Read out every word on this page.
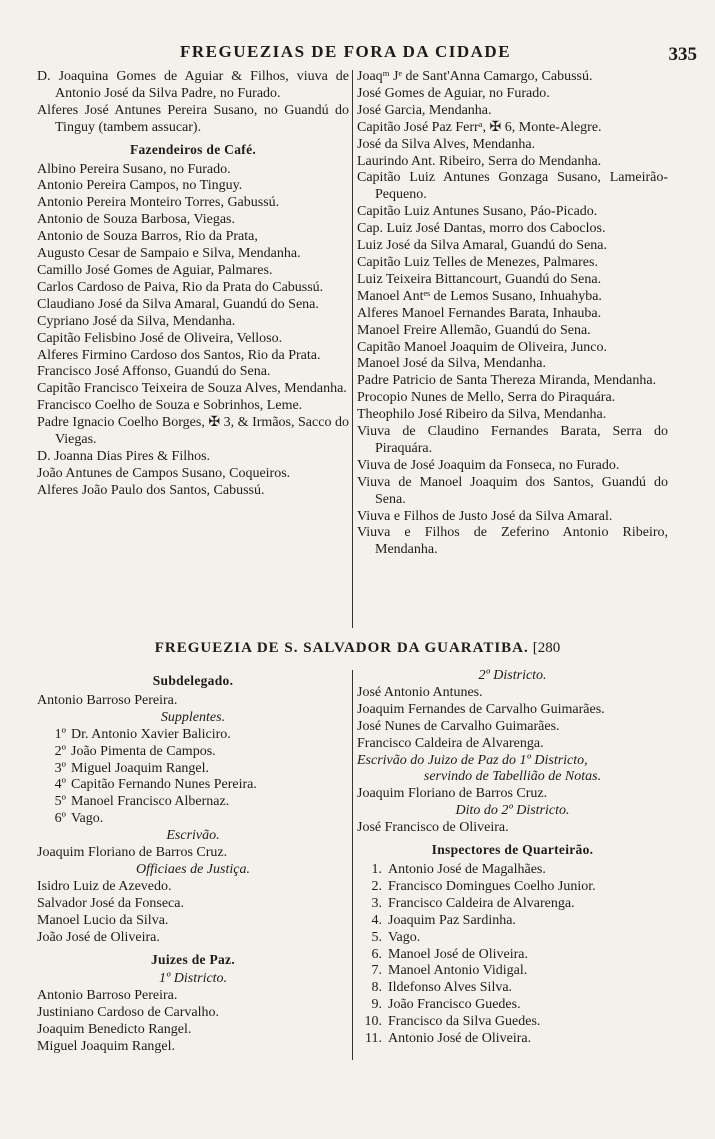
FREGUEZIAS DE FORA DA CIDADE	335
D. Joaquina Gomes de Aguiar & Filhos, viuva de Antonio José da Silva Padre, no Furado.
Alferes José Antunes Pereira Susano, no Guandú do Tinguy (tambem assucar).
Fazendeiros de Café.
Albino Pereira Susano, no Furado.
Antonio Pereira Campos, no Tinguy.
Antonio Pereira Monteiro Torres, Gabussú.
Antonio de Souza Barbosa, Viegas.
Antonio de Souza Barros, Rio da Prata,
Augusto Cesar de Sampaio e Silva, Mendanha.
Camillo José Gomes de Aguiar, Palmares.
Carlos Cardoso de Paiva, Rio da Prata do Cabussú.
Claudiano José da Silva Amaral, Guandú do Sena.
Cypriano José da Silva, Mendanha.
Capitão Felisbino José de Oliveira, Velloso.
Alferes Firmino Cardoso dos Santos, Rio da Prata.
Francisco José Affonso, Guandú do Sena.
Capitão Francisco Teixeira de Souza Alves, Mendanha.
Francisco Coelho de Souza e Sobrinhos, Leme.
Padre Ignacio Coelho Borges, ✠ 3, & Irmãos, Sacco do Viegas.
D. Joanna Dias Pires & Filhos.
João Antunes de Campos Susano, Coqueiros.
Alferes João Paulo dos Santos, Cabussú.
Joaqᵐ Jᵉ de Sant'Anna Camargo, Cabussú.
José Gomes de Aguiar, no Furado.
José Garcia, Mendanha.
Capitão José Paz Ferrᵃ, ✠ 6, Monte-Alegre.
José da Silva Alves, Mendanha.
Laurindo Ant. Ribeiro, Serra do Mendanha.
Capitão Luiz Antunes Gonzaga Susano, Lameirão-Pequeno.
Capitão Luiz Antunes Susano, Páo-Picado.
Cap. Luiz José Dantas, morro dos Caboclos.
Luiz José da Silva Amaral, Guandú do Sena.
Capitão Luiz Telles de Menezes, Palmares.
Luiz Teixeira Bittancourt, Guandú do Sena.
Manoel Antᵉˢ de Lemos Susano, Inhuahyba.
Alferes Manoel Fernandes Barata, Inhauba.
Manoel Freire Allemão, Guandú do Sena.
Capitão Manoel Joaquim de Oliveira, Junco.
Manoel José da Silva, Mendanha.
Padre Patricio de Santa Thereza Miranda, Mendanha.
Procopio Nunes de Mello, Serra do Piraquára.
Theophilo José Ribeiro da Silva, Mendanha.
Viuva de Claudino Fernandes Barata, Serra do Piraquára.
Viuva de José Joaquim da Fonseca, no Furado.
Viuva de Manoel Joaquim dos Santos, Guandú do Sena.
Viuva e Filhos de Justo José da Silva Amaral.
Viuva e Filhos de Zeferino Antonio Ribeiro, Mendanha.
FREGUEZIA DE S. SALVADOR DA GUARATIBA. [280
Subdelegado.
Antonio Barroso Pereira.
Supplentes.
1º Dr. Antonio Xavier Baliciro.
2º João Pimenta de Campos.
3º Miguel Joaquim Rangel.
4º Capitão Fernando Nunes Pereira.
5º Manoel Francisco Albernaz.
6º Vago.
Escrivão.
Joaquim Floriano de Barros Cruz.
Officiaes de Justiça.
Isidro Luiz de Azevedo.
Salvador José da Fonseca.
Manoel Lucio da Silva.
João José de Oliveira.
Juizes de Paz.
1º Districto.
Antonio Barroso Pereira.
Justiniano Cardoso de Carvalho.
Joaquim Benedicto Rangel.
Miguel Joaquim Rangel.
2º Districto.
José Antonio Antunes.
Joaquim Fernandes de Carvalho Guimarães.
José Nunes de Carvalho Guimarães.
Francisco Caldeira de Alvarenga.
Escrivão do Juizo de Paz do 1º Districto,
servindo de Tabellião de Notas.
Joaquim Floriano de Barros Cruz.
Dito do 2º Districto.
José Francisco de Oliveira.
Inspectores de Quarteirão.
1. Antonio José de Magalhães.
2. Francisco Domingues Coelho Junior.
3. Francisco Caldeira de Alvarenga.
4. Joaquim Paz Sardinha.
5. Vago.
6. Manoel José de Oliveira.
7. Manoel Antonio Vidigal.
8. Ildefonso Alves Silva.
9. João Francisco Guedes.
10. Francisco da Silva Guedes.
11. Antonio José de Oliveira.
